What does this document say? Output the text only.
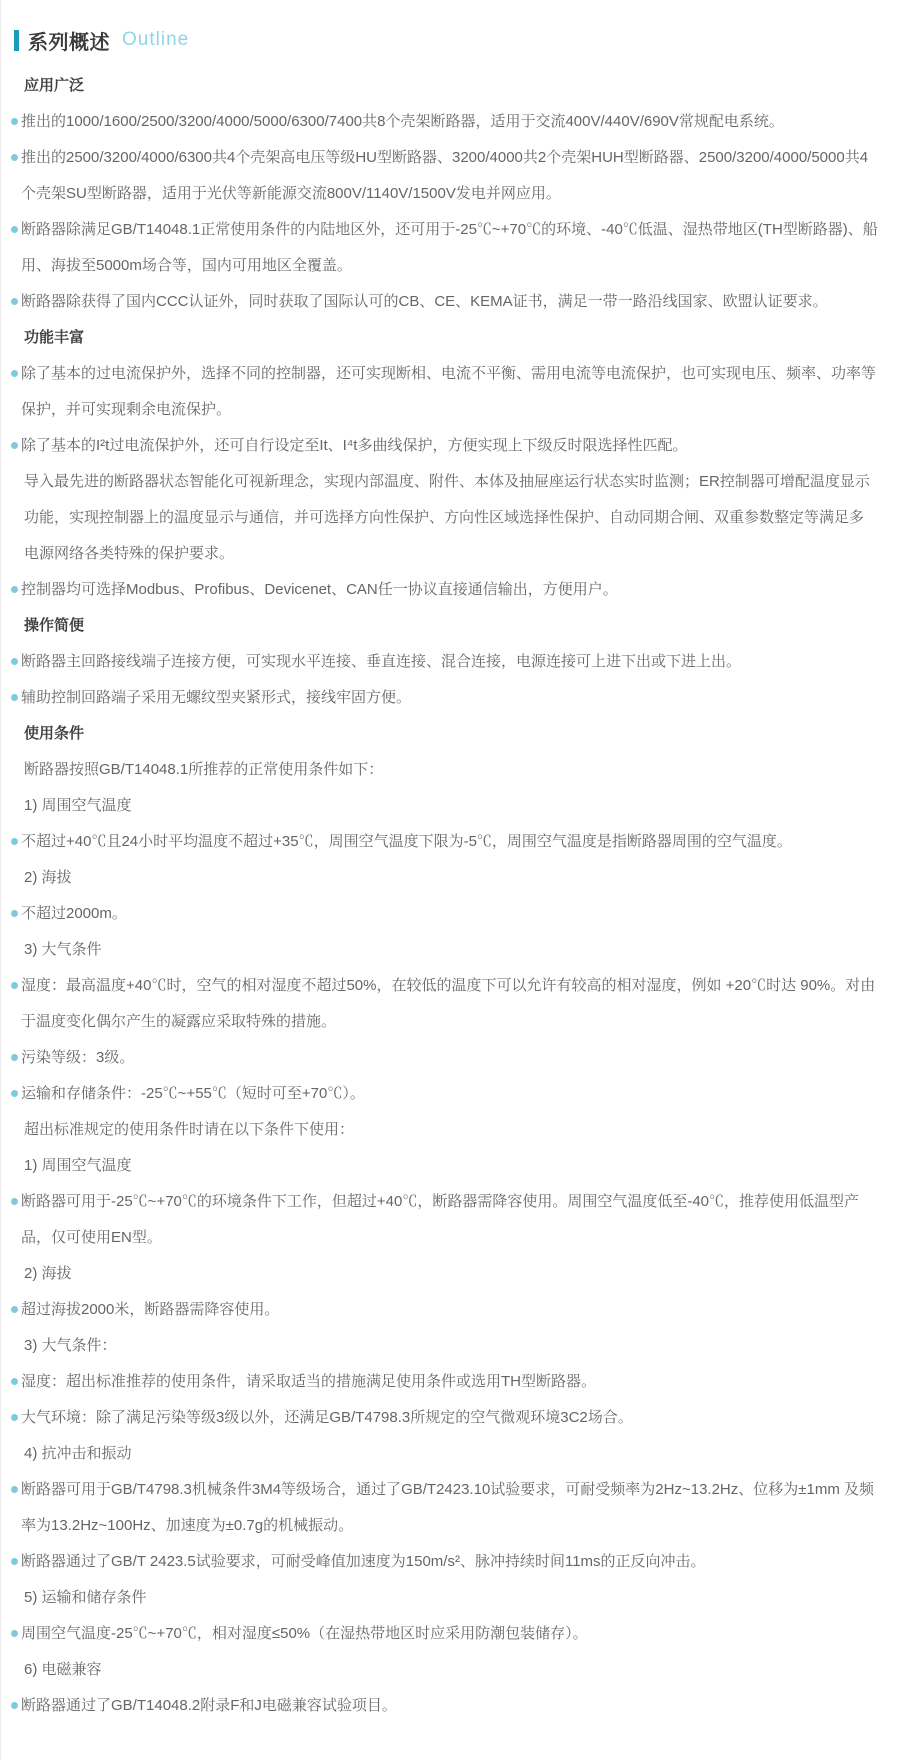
系列概述 Outline
应用广泛
推出的1000/1600/2500/3200/4000/5000/6300/7400共8个壳架断路器，适用于交流400V/440V/690V常规配电系统。
推出的2500/3200/4000/6300共4个壳架高电压等级HU型断路器、3200/4000共2个壳架HUH型断路器、2500/3200/4000/5000共4个壳架SU型断路器，适用于光伏等新能源交流800V/1140V/1500V发电并网应用。
断路器除满足GB/T14048.1正常使用条件的内陆地区外，还可用于-25℃~+70℃的环境、-40℃低温、湿热带地区(TH型断路器)、船用、海拔至5000m场合等，国内可用地区全覆盖。
断路器除获得了国内CCC认证外，同时获取了国际认可的CB、CE、KEMA证书，满足一带一路沿线国家、欧盟认证要求。
功能丰富
除了基本的过电流保护外，选择不同的控制器，还可实现断相、电流不平衡、需用电流等电流保护，也可实现电压、频率、功率等保护，并可实现剩余电流保护。
除了基本的I²t过电流保护外，还可自行设定至It、I⁴t多曲线保护，方便实现上下级反时限选择性匹配。
导入最先进的断路器状态智能化可视新理念，实现内部温度、附件、本体及抽屉座运行状态实时监测；ER控制器可增配温度显示功能，实现控制器上的温度显示与通信，并可选择方向性保护、方向性区域选择性保护、自动同期合闸、双重参数整定等满足多电源网络各类特殊的保护要求。
控制器均可选择Modbus、Profibus、Devicenet、CAN任一协议直接通信输出，方便用户。
操作简便
断路器主回路接线端子连接方便，可实现水平连接、垂直连接、混合连接，电源连接可上进下出或下进上出。
辅助控制回路端子采用无螺纹型夹紧形式，接线牢固方便。
使用条件
断路器按照GB/T14048.1所推荐的正常使用条件如下：
1) 周围空气温度
不超过+40℃且24小时平均温度不超过+35℃，周围空气温度下限为-5℃，周围空气温度是指断路器周围的空气温度。
2) 海拔
不超过2000m。
3) 大气条件
湿度：最高温度+40℃时，空气的相对湿度不超过50%，在较低的温度下可以允许有较高的相对湿度，例如 +20℃时达 90%。对由于温度变化偶尔产生的凝露应采取特殊的措施。
污染等级：3级。
运输和存储条件：-25℃~+55℃（短时可至+70℃）。
超出标准规定的使用条件时请在以下条件下使用：
1) 周围空气温度
断路器可用于-25℃~+70℃的环境条件下工作，但超过+40℃，断路器需降容使用。周围空气温度低至-40℃，推荐使用低温型产品，仅可使用EN型。
2) 海拔
超过海拔2000米，断路器需降容使用。
3) 大气条件：
湿度：超出标准推荐的使用条件，请采取适当的措施满足使用条件或选用TH型断路器。
大气环境：除了满足污染等级3级以外，还满足GB/T4798.3所规定的空气微观环境3C2场合。
4) 抗冲击和振动
断路器可用于GB/T4798.3机械条件3M4等级场合，通过了GB/T2423.10试验要求，可耐受频率为2Hz~13.2Hz、位移为±1mm 及频率为13.2Hz~100Hz、加速度为±0.7g的机械振动。
断路器通过了GB/T 2423.5试验要求，可耐受峰值加速度为150m/s²、脉冲持续时间11ms的正反向冲击。
5) 运输和储存条件
周围空气温度-25℃~+70℃，相对湿度≤50%（在湿热带地区时应采用防潮包装储存）。
6) 电磁兼容
断路器通过了GB/T14048.2附录F和J电磁兼容试验项目。
